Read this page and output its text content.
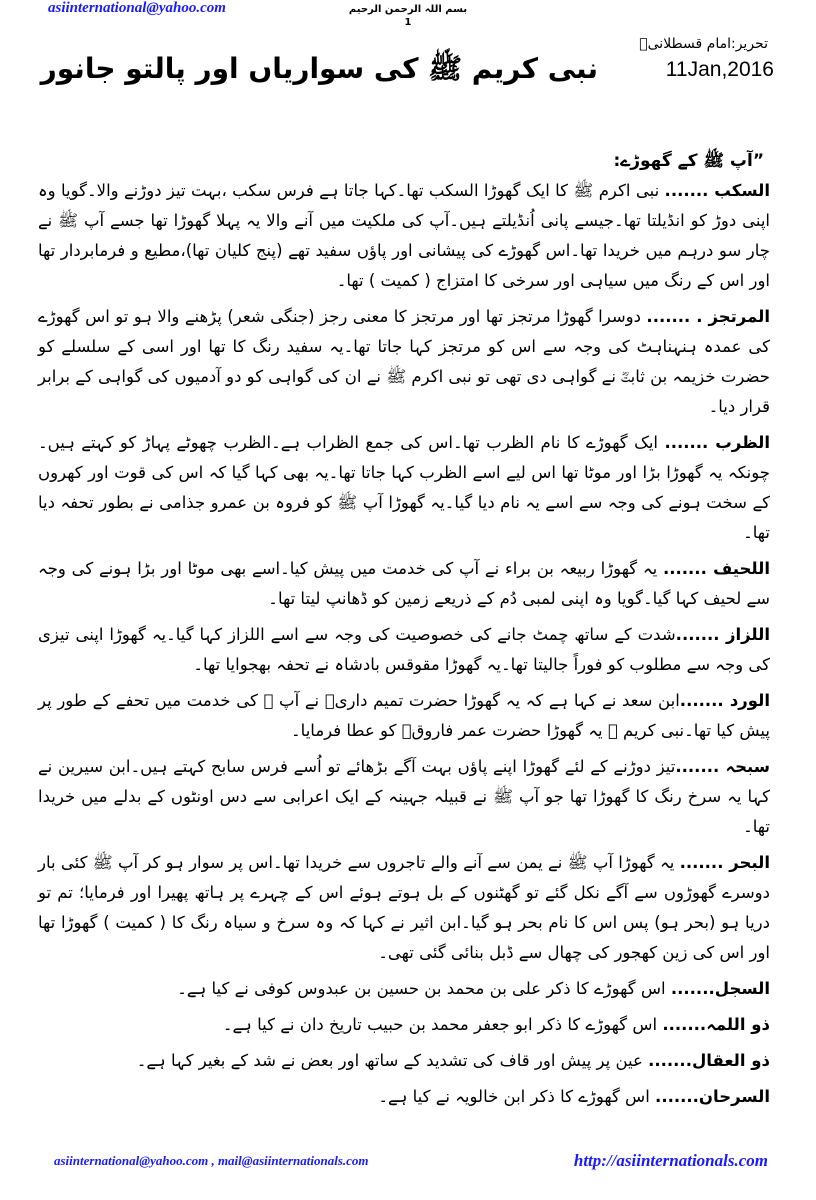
asiinternational@yahoo.com	بسم اللہ الرحمن الرحیم
1
تحریر:امام قسطلانیؒ
11Jan,2016
نبی کریم ﷺ کی سواریاں اور پالتو جانور

”آپ ﷺ کے گھوڑے:

السکب ....... نبی اکرم ﷺ کا ایک گھوڑا السکب تھا۔کہا جاتا ہے فرس سکب ،بہت تیز دوڑنے والا۔گویا وہ اپنی دوڑ کو انڈیلتا تھا۔جیسے پانی اُنڈیلتے ہیں۔آپ کی ملکیت میں آنے والا یہ پہلا گھوڑا تھا جسے آپ ﷺ نے چار سو درہم میں خریدا تھا۔اس گھوڑے کی پیشانی اور پاؤں سفید تھے (پنج کلیان تھا)،مطیع و فرمابردار تھا اور اس کے رنگ میں سیاہی اور سرخی کا امتزاج ( کمیت ) تھا۔

المرتجز . ....... دوسرا گھوڑا مرتجز تھا اور مرتجز کا معنی رجز (جنگی شعر) پڑھنے والا ہو تو اس گھوڑے کی عمدہ ہنہناہٹ کی وجہ سے اس کو مرتجز کہا جاتا تھا۔یہ سفید رنگ کا تھا اور اسی کے سلسلے کو حضرت خزیمہ بن ثابتؓ نے گواہی دی تھی تو نبی اکرم ﷺ نے ان کی گواہی کو دو آدمیوں کی گواہی کے برابر قرار دیا۔

الظرب ....... ایک گھوڑے کا نام الظرب تھا۔اس کی جمع الظراب ہے۔الظرب چھوٹے پہاڑ کو کہتے ہیں۔چونکہ یہ گھوڑا بڑا اور موٹا تھا اس لیے اسے الظرب کہا جاتا تھا۔یہ بھی کہا گیا کہ اس کی قوت اور کھروں کے سخت ہونے کی وجہ سے اسے یہ نام دیا گیا۔یہ گھوڑا آپ ﷺ کو فروہ بن عمرو جذامی نے بطور تحفہ دیا تھا۔

اللحیف ....... یہ گھوڑا ربیعہ بن براء نے آپ کی خدمت میں پیش کیا۔اسے بھی موٹا اور بڑا ہونے کی وجہ سے لحیف کہا گیا۔گویا وہ اپنی لمبی دُم کے ذریعے زمین کو ڈھانپ لیتا تھا۔

اللزاز .......شدت کے ساتھ چمٹ جانے کی خصوصیت کی وجہ سے اسے اللزاز کہا گیا۔یہ گھوڑا اپنی تیزی کی وجہ سے مطلوب کو فوراً جالیتا تھا۔یہ گھوڑا مقوقس بادشاہ نے تحفہ بھجوایا تھا۔

الورد .......ابن سعد نے کہا ہے کہ یہ گھوڑا حضرت تمیم داریؓ نے آپ ﷺ کی خدمت میں تحفے کے طور پر پیش کیا تھا۔نبی کریم ﷺ یہ گھوڑا حضرت عمر فاروقؓ کو عطا فرمایا۔

سبحہ .......تیز دوڑنے کے لئے گھوڑا اپنے پاؤں بہت آگے بڑھائے تو اُسے فرس سابح کہتے ہیں۔ابن سیرین نے کہا یہ سرخ رنگ کا گھوڑا تھا جو آپ ﷺ نے قبیلہ جہینہ کے ایک اعرابی سے دس اونٹوں کے بدلے میں خریدا تھا۔

البحر ....... یہ گھوڑا آپ ﷺ نے یمن سے آنے والے تاجروں سے خریدا تھا۔اس پر سوار ہو کر آپ ﷺ کئی بار دوسرے گھوڑوں سے آگے نکل گئے تو گھٹنوں کے بل ہوتے ہوئے اس کے چہرے پر ہاتھ پھیرا اور فرمایا؛ تم تو دریا ہو (بحر ہو) پس اس کا نام بحر ہو گیا۔ابن اثیر نے کہا کہ وہ سرخ و سیاہ رنگ کا ( کمیت ) گھوڑا تھا اور اس کی زین کھجور کی چھال سے ڈبل بنائی گئی تھی۔

السجل....... اس گھوڑے کا ذکر علی بن محمد بن حسین بن عبدوس کوفی نے کیا ہے۔

ذو اللمہ....... اس گھوڑے کا ذکر ابو جعفر محمد بن حبیب تاریخ دان نے کیا ہے۔

ذو العقال....... عین پر پیش اور قاف کی تشدید کے ساتھ اور بعض نے شد کے بغیر کہا ہے۔

السرحان....... اس گھوڑے کا ذکر ابن خالویہ نے کیا ہے۔

asiinternational@yahoo.com , mail@asiinternationals.com	http://asiinternationals.com
